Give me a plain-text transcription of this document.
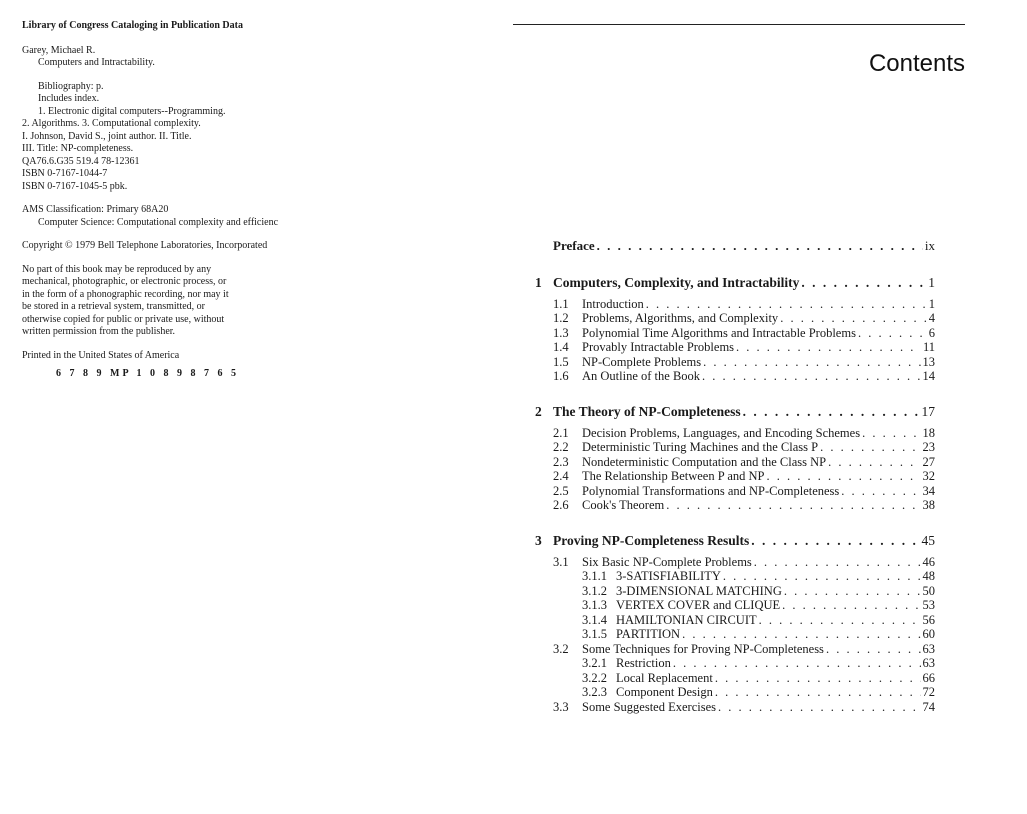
Library of Congress Cataloging in Publication Data
Garey, Michael R.
Computers and Intractability.
Bibliography: p.
Includes index.
1. Electronic digital computers--Programming.
2. Algorithms. 3. Computational complexity.
I. Johnson, David S., joint author. II. Title.
III. Title: NP-completeness.
QA76.6.G35 519.4 78-12361
ISBN 0-7167-1044-7
ISBN 0-7167-1045-5 pbk.
AMS Classification: Primary 68A20
Computer Science: Computational complexity and efficienc
Copyright © 1979 Bell Telephone Laboratories, Incorporated
No part of this book may be reproduced by any
mechanical, photographic, or electronic process, or
in the form of a phonographic recording, nor may it
be stored in a retrieval system, transmitted, or
otherwise copied for public or private use, without
written permission from the publisher.
Printed in the United States of America
6 7 8 9 MP 1 0 8 9 8 7 6 5
Contents
Preface . . .	ix
1 Computers, Complexity, and Intractability . . .	1
1.1	Introduction . . .	1
1.2	Problems, Algorithms, and Complexity . . .	4
1.3	Polynomial Time Algorithms and Intractable Problems . . .	6
1.4	Provably Intractable Problems . . .	11
1.5	NP-Complete Problems . . .	13
1.6	An Outline of the Book . . .	14
2 The Theory of NP-Completeness . . .	17
2.1	Decision Problems, Languages, and Encoding Schemes . . .	18
2.2	Deterministic Turing Machines and the Class P . . .	23
2.3	Nondeterministic Computation and the Class NP . . .	27
2.4	The Relationship Between P and NP . . .	32
2.5	Polynomial Transformations and NP-Completeness . . .	34
2.6	Cook's Theorem . . .	38
3 Proving NP-Completeness Results . . .	45
3.1	Six Basic NP-Complete Problems . . .	46
3.1.1 3-SATISFIABILITY . . .	48
3.1.2 3-DIMENSIONAL MATCHING . . .	50
3.1.3 VERTEX COVER and CLIQUE . . .	53
3.1.4 HAMILTONIAN CIRCUIT . . .	56
3.1.5 PARTITION . . .	60
3.2	Some Techniques for Proving NP-Completeness . . .	63
3.2.1 Restriction . . .	63
3.2.2 Local Replacement . . .	66
3.2.3 Component Design . . .	72
3.3	Some Suggested Exercises . . .	74
